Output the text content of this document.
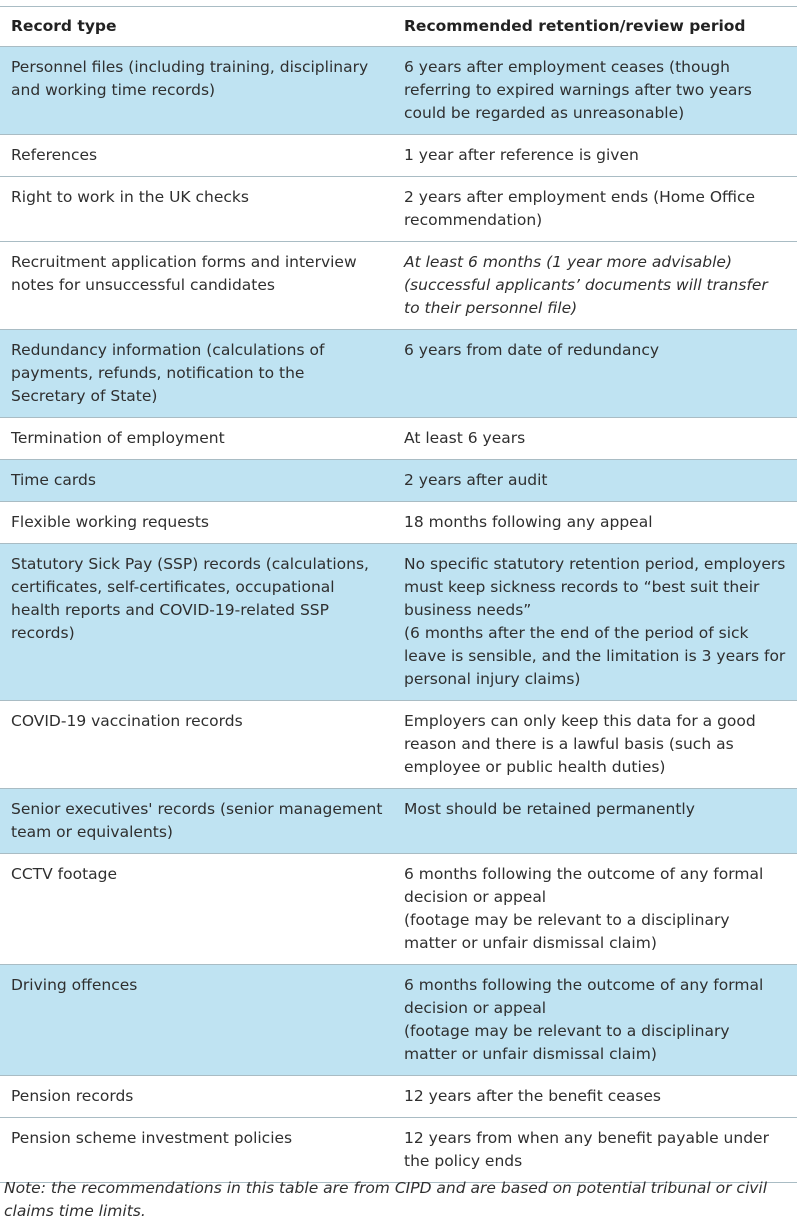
Record type	Recommended retention/review period
Personnel files (including training, disciplinary and working time records)	6 years after employment ceases (though referring to expired warnings after two years could be regarded as unreasonable)
References	1 year after reference is given
Right to work in the UK checks	2 years after employment ends (Home Office recommendation)
Recruitment application forms and interview notes for unsuccessful candidates	At least 6 months (1 year more advisable) (successful applicants’ documents will transfer to their personnel file)
Redundancy information (calculations of payments, refunds, notification to the Secretary of State)	6 years from date of redundancy
Termination of employment	At least 6 years
Time cards	2 years after audit
Flexible working requests	18 months following any appeal
Statutory Sick Pay (SSP) records (calculations, certificates, self-certificates, occupational health reports and COVID-19-related SSP records)	No specific statutory retention period, employers must keep sickness records to “best suit their business needs”
(6 months after the end of the period of sick leave is sensible, and the limitation is 3 years for personal injury claims)
COVID-19 vaccination records	Employers can only keep this data for a good reason and there is a lawful basis (such as employee or public health duties)
Senior executives' records (senior management team or equivalents)	Most should be retained permanently
CCTV footage	6 months following the outcome of any formal decision or appeal
(footage may be relevant to a disciplinary matter or unfair dismissal claim)
Driving offences	6 months following the outcome of any formal decision or appeal
(footage may be relevant to a disciplinary matter or unfair dismissal claim)
Pension records	12 years after the benefit ceases
Pension scheme investment policies	12 years from when any benefit payable under the policy ends
Note: the recommendations in this table are from CIPD and are based on potential tribunal or civil claims time limits.
